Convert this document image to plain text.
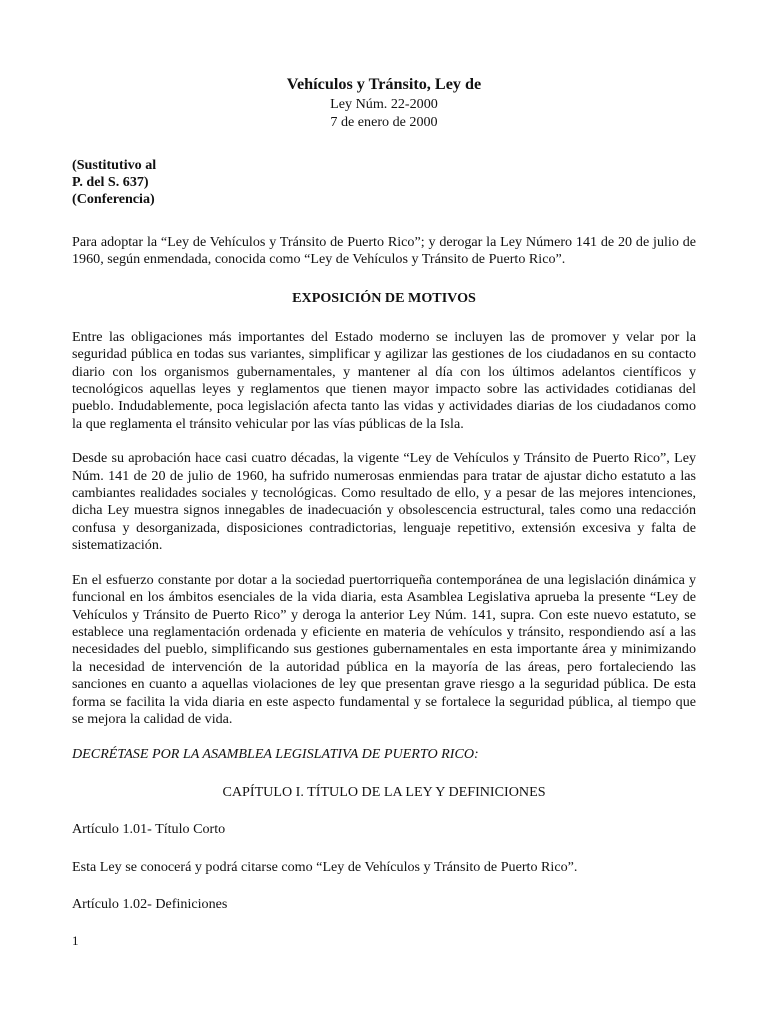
Vehículos y Tránsito, Ley de
Ley Núm. 22-2000
7 de enero de 2000
(Sustitutivo al
P. del S. 637)
(Conferencia)

Para adoptar la “Ley de Vehículos y Tránsito de Puerto Rico”; y derogar la Ley Número 141 de 20 de julio de 1960, según enmendada, conocida como “Ley de Vehículos y Tránsito de Puerto Rico”.

EXPOSICIÓN DE MOTIVOS

Entre las obligaciones más importantes del Estado moderno se incluyen las de promover y velar por la seguridad pública en todas sus variantes, simplificar y agilizar las gestiones de los ciudadanos en su contacto diario con los organismos gubernamentales, y mantener al día con los últimos adelantos científicos y tecnológicos aquellas leyes y reglamentos que tienen mayor impacto sobre las actividades cotidianas del pueblo. Indudablemente, poca legislación afecta tanto las vidas y actividades diarias de los ciudadanos como la que reglamenta el tránsito vehicular por las vías públicas de la Isla.

Desde su aprobación hace casi cuatro décadas, la vigente “Ley de Vehículos y Tránsito de Puerto Rico”, Ley Núm. 141 de 20 de julio de 1960, ha sufrido numerosas enmiendas para tratar de ajustar dicho estatuto a las cambiantes realidades sociales y tecnológicas. Como resultado de ello, y a pesar de las mejores intenciones, dicha Ley muestra signos innegables de inadecuación y obsolescencia estructural, tales como una redacción confusa y desorganizada, disposiciones contradictorias, lenguaje repetitivo, extensión excesiva y falta de sistematización.

En el esfuerzo constante por dotar a la sociedad puertorriqueña contemporánea de una legislación dinámica y funcional en los ámbitos esenciales de la vida diaria, esta Asamblea Legislativa aprueba la presente “Ley de Vehículos y Tránsito de Puerto Rico” y deroga la anterior Ley Núm. 141, supra. Con este nuevo estatuto, se establece una reglamentación ordenada y eficiente en materia de vehículos y tránsito, respondiendo así a las necesidades del pueblo, simplificando sus gestiones gubernamentales en esta importante área y minimizando la necesidad de intervención de la autoridad pública en la mayoría de las áreas, pero fortaleciendo las sanciones en cuanto a aquellas violaciones de ley que presentan grave riesgo a la seguridad pública. De esta forma se facilita la vida diaria en este aspecto fundamental y se fortalece la seguridad pública, al tiempo que se mejora la calidad de vida.

DECRÉTASE POR LA ASAMBLEA LEGISLATIVA DE PUERTO RICO:
CAPÍTULO I. TÍTULO DE LA LEY Y DEFINICIONES
Artículo 1.01- Título Corto
Esta Ley se conocerá y podrá citarse como “Ley de Vehículos y Tránsito de Puerto Rico”.
Artículo 1.02- Definiciones
1
